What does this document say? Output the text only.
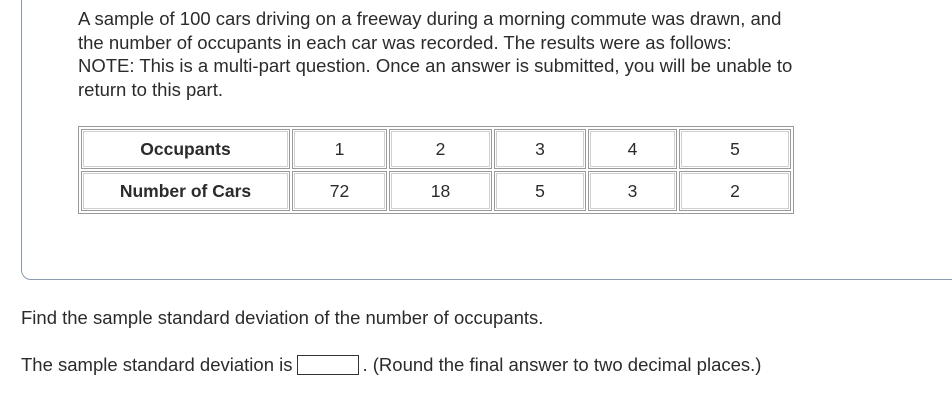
A sample of 100 cars driving on a freeway during a morning commute was drawn, and

the number of occupants in each car was recorded. The results were as follows:

NOTE: This is a multi-part question. Once an answer is submitted, you will be unable to

return to this part.

Occupants	1	2	3	4	5
Number of Cars	72	18	5	3	2
Find the sample standard deviation of the number of occupants.
The sample standard deviation is	. (Round the final answer to two decimal places.)
